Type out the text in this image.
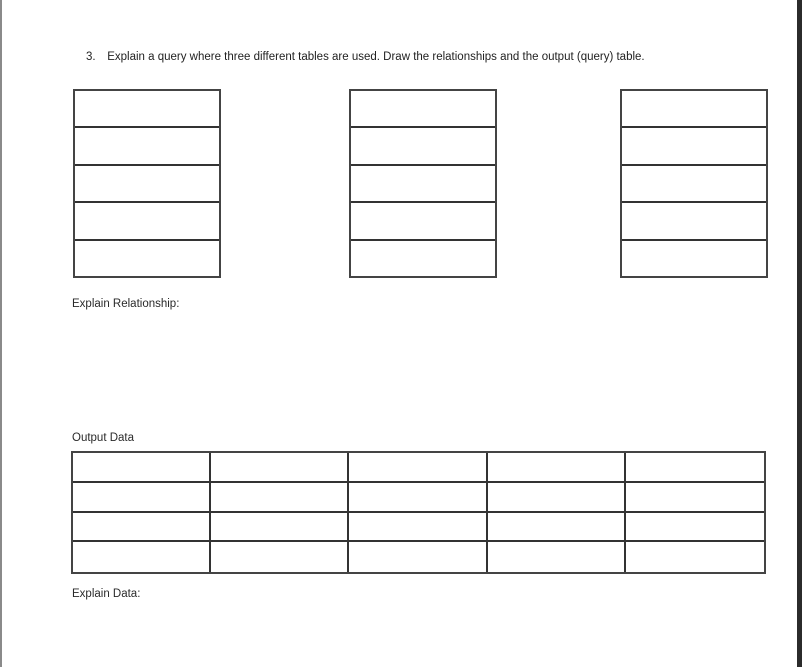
3. Explain a query where three different tables are used. Draw the relationships and the output (query) table.
Explain Relationship:
Output Data
Explain Data:
